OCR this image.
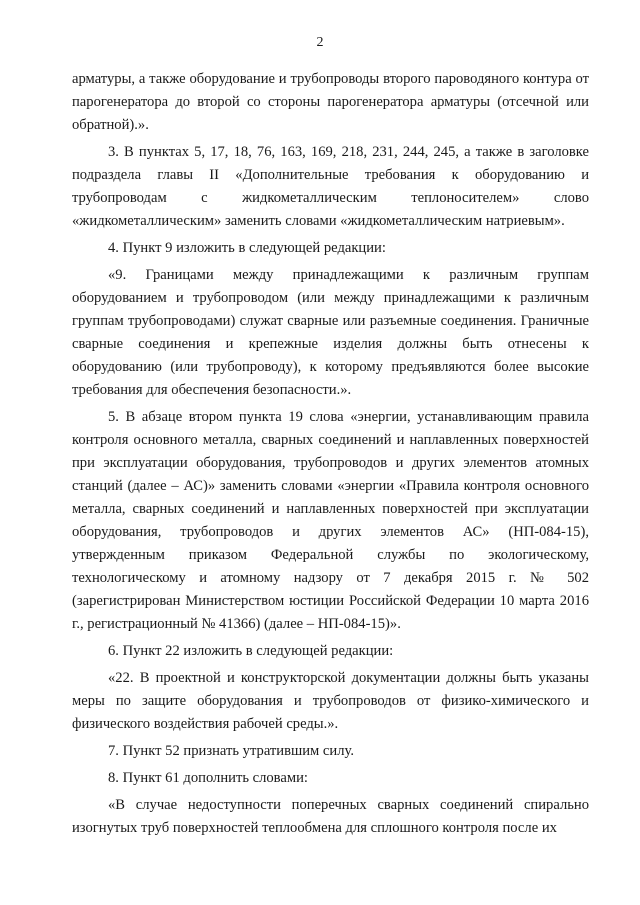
2

арматуры, а также оборудование и трубопроводы второго пароводяного контура от парогенератора до второй со стороны парогенератора арматуры (отсечной или обратной).».

3. В пунктах 5, 17, 18, 76, 163, 169, 218, 231, 244, 245, а также в заголовке подраздела главы II «Дополнительные требования к оборудованию и трубопроводам с жидкометаллическим теплоносителем» слово «жидкометаллическим» заменить словами «жидкометаллическим натриевым».

4. Пункт 9 изложить в следующей редакции:

«9. Границами между принадлежащими к различным группам оборудованием и трубопроводом (или между принадлежащими к различным группам трубопроводами) служат сварные или разъемные соединения. Граничные сварные соединения и крепежные изделия должны быть отнесены к оборудованию (или трубопроводу), к которому предъявляются более высокие требования для обеспечения безопасности.».

5. В абзаце втором пункта 19 слова «энергии, устанавливающим правила контроля основного металла, сварных соединений и наплавленных поверхностей при эксплуатации оборудования, трубопроводов и других элементов атомных станций (далее – АС)» заменить словами «энергии «Правила контроля основного металла, сварных соединений и наплавленных поверхностей при эксплуатации оборудования, трубопроводов и других элементов АС» (НП-084-15), утвержденным приказом Федеральной службы по экологическому, технологическому и атомному надзору от 7 декабря 2015 г. № 502 (зарегистрирован Министерством юстиции Российской Федерации 10 марта 2016 г., регистрационный № 41366) (далее – НП-084-15)».

6. Пункт 22 изложить в следующей редакции:

«22. В проектной и конструкторской документации должны быть указаны меры по защите оборудования и трубопроводов от физико-химического и физического воздействия рабочей среды.».

7. Пункт 52 признать утратившим силу.

8. Пункт 61 дополнить словами:

«В случае недоступности поперечных сварных соединений спирально изогнутых труб поверхностей теплообмена для сплошного контроля после их
